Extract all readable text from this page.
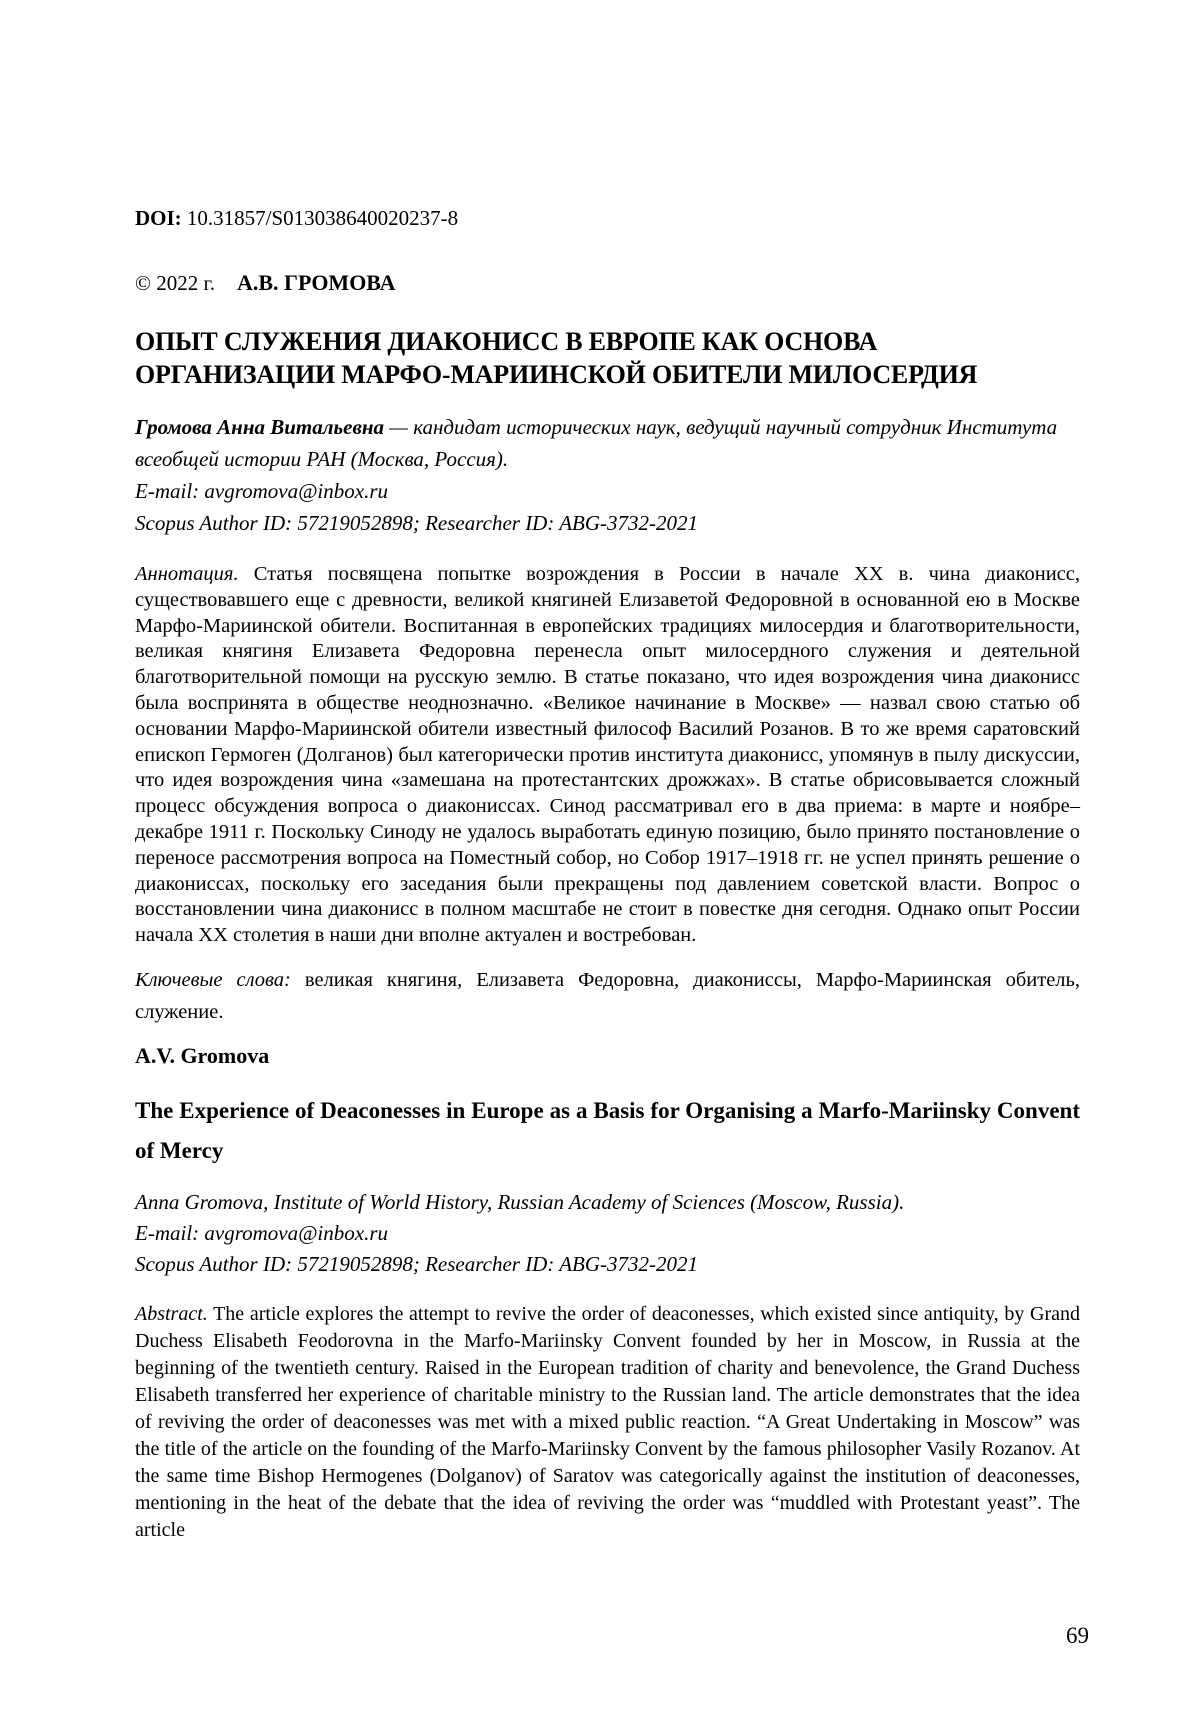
DOI: 10.31857/S013038640020237-8

© 2022 г. А.В. ГРОМОВА

ОПЫТ СЛУЖЕНИЯ ДИАКОНИСС В ЕВРОПЕ КАК ОСНОВА ОРГАНИЗАЦИИ МАРФО-МАРИИНСКОЙ ОБИТЕЛИ МИЛОСЕРДИЯ

Громова Анна Витальевна — кандидат исторических наук, ведущий научный сотрудник Института всеобщей истории РАН (Москва, Россия).

E-mail: avgromova@inbox.ru

Scopus Author ID: 57219052898; Researcher ID: ABG-3732-2021

Аннотация. Статья посвящена попытке возрождения в России в начале XX в. чина диаконисс, существовавшего еще с древности, великой княгиней Елизаветой Федоровной в основанной ею в Москве Марфо-Мариинской обители. Воспитанная в европейских традициях милосердия и благотворительности, великая княгиня Елизавета Федоровна перенесла опыт милосердного служения и деятельной благотворительной помощи на русскую землю. В статье показано, что идея возрождения чина диаконисс была воспринята в обществе неоднозначно. «Великое начинание в Москве» — назвал свою статью об основании Марфо-Мариинской обители известный философ Василий Розанов. В то же время саратовский епископ Гермоген (Долганов) был категорически против института диаконисс, упомянув в пылу дискуссии, что идея возрождения чина «замешана на протестантских дрожжах». В статье обрисовывается сложный процесс обсуждения вопроса о диакониссах. Синод рассматривал его в два приема: в марте и ноябре–декабре 1911 г. Поскольку Синоду не удалось выработать единую позицию, было принято постановление о переносе рассмотрения вопроса на Поместный собор, но Собор 1917–1918 гг. не успел принять решение о диакониссах, поскольку его заседания были прекращены под давлением советской власти. Вопрос о восстановлении чина диаконисс в полном масштабе не стоит в повестке дня сегодня. Однако опыт России начала XX столетия в наши дни вполне актуален и востребован.

Ключевые слова: великая княгиня, Елизавета Федоровна, диакониссы, Марфо-Мариинская обитель, служение.

A.V. Gromova
The Experience of Deaconesses in Europe as a Basis for Organising a Marfo-Mariinsky Convent of Mercy

Anna Gromova, Institute of World History, Russian Academy of Sciences (Moscow, Russia).

E-mail: avgromova@inbox.ru

Scopus Author ID: 57219052898; Researcher ID: ABG-3732-2021

Abstract. The article explores the attempt to revive the order of deaconesses, which existed since antiquity, by Grand Duchess Elisabeth Feodorovna in the Marfo-Mariinsky Convent founded by her in Moscow, in Russia at the beginning of the twentieth century. Raised in the European tradition of charity and benevolence, the Grand Duchess Elisabeth transferred her experience of charitable ministry to the Russian land. The article demonstrates that the idea of reviving the order of deaconesses was met with a mixed public reaction. “A Great Undertaking in Moscow” was the title of the article on the founding of the Marfo-Mariinsky Convent by the famous philosopher Vasily Rozanov. At the same time Bishop Hermogenes (Dolganov) of Saratov was categorically against the institution of deaconesses, mentioning in the heat of the debate that the idea of reviving the order was “muddled with Protestant yeast”. The article

69
